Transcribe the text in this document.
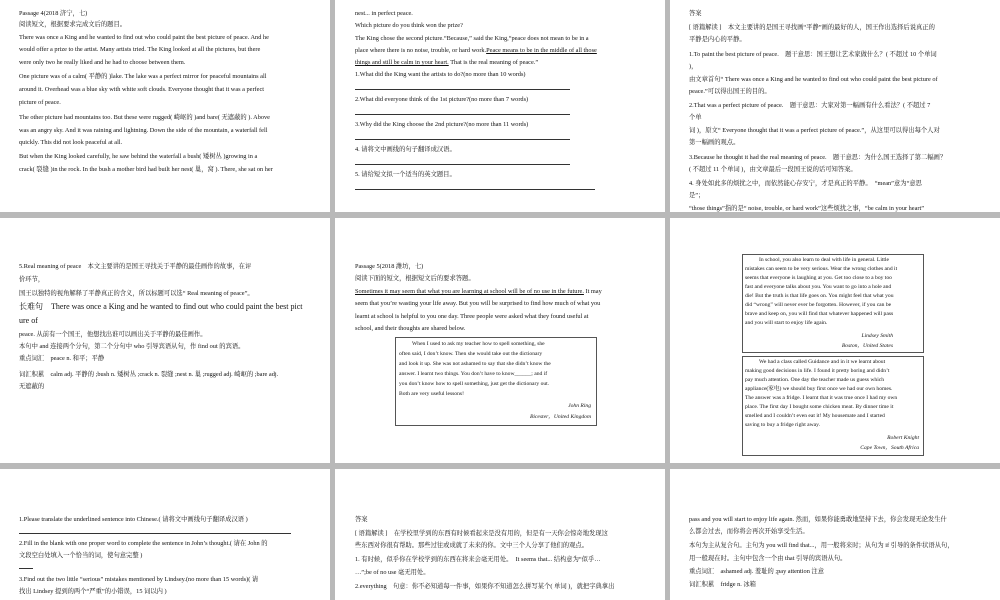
Passage 4(2018 济宁，七)
阅读短文，根据要求完成文后的题目。
There was once a King and he wanted to find out who could paint the best picture of peace. And he
would offer a prize to the artist. Many artists tried. The King looked at all the pictures, but there
were only two he really liked and he had to choose between them.
One picture was of a calm( 平静的 )lake. The lake was a perfect mirror for peaceful mountains all
around it. Overhead was a blue sky with white soft clouds. Everyone thought that it was a perfect
picture of peace.
The other picture had mountains too. But these were rugged( 崎岖的 )and bare( 无遮蔽的 ). Above
was an angry sky. And it was raining and lightning. Down the side of the mountain, a waterfall fell
quickly. This did not look peaceful at all.
But when the King looked carefully, he saw behind the waterfall a bush( 矮树丛 )growing in a
crack( 裂缝 )in the rock. In the bush a mother bird had built her nest( 巢，窝 ). There, she sat on her
nest... in perfect peace.
Which picture do you think won the prize?
The King chose the second picture.“Because,” said the King,“peace does not mean to be in a
place where there is no noise, trouble, or hard work.Peace means to be in the middle of all those
things and still be calm in your heart. That is the real meaning of peace.”
1.What did the King want the artists to do?(no more than 10 words)
2.What did everyone think of the 1st picture?(no more than 7 words)
3.Why did the King choose the 2nd picture?(no more than 11 words)
4. 请将文中画线的句子翻译成汉语。
5. 请给短文拟一个适当的英文题目。
答案
[ 语篇解读 ]　本文主要讲的是国王寻找画“平静”画的最好的人，国王作出选择后说真正的
平静是内心的平静。
1.To paint the best picture of peace.　题干意思：国王想让艺术家做什么？( 不超过 10 个单词
)，
由文章首句“ There was once a King and he wanted to find out who could paint the best picture of
peace.”可以得出国王的目的。
2.That was a perfect picture of peace.　题干意思：大家对第一幅画有什么看法？( 不超过 7
个单
词 )，原文“ Everyone thought that it was a perfect picture of peace.”，从这里可以得出每个人对
第一幅画的观点。
3.Because he thought it had the real meaning of peace.　题干意思：为什么国王选择了第二幅画？
( 不超过 11 个单词 )，由文章最后一段国王说的话可知答案。
4. 身处如此多的烦扰之中，而依然能心存安宁，才是真正的平静。　“mean”意为“意思
是”；
“those things”指的是“ noise, trouble, or hard work”这些烦扰之事，“be calm in your heart”
5.Real meaning of peace　本文主要讲的是国王寻找关于平静的最佳画作的故事，在评
价环节，
国王以独特的视角解释了平静真正的含义，所以标题可以选“ Real meaning of peace”。
长难句　There was once a King and he wanted to find out who could paint the best pict
ure of
peace. 从前有一个国王，他想找出谁可以画出关于平静的最佳画作。
本句中 and 连接两个分句，第二个分句中 who 引导宾语从句，作 find out 的宾语。
重点词汇　peace n. 和平；平静
词汇积累　calm adj. 平静的 ;bush n. 矮树丛 ;crack n. 裂缝 ;nest n. 巢 ;rugged adj. 崎岖的 ;bare adj.
无遮蔽的
Passage 5(2018 潍坊，七)
阅读下面的短文，根据短文后的要求答题。
Sometimes it may seem that what you are learning at school will be of no use in the future. It may
seem that you’re wasting your life away. But you will be surprised to find how much of what you
learnt at school is helpful to you one day. Three people were asked what they found useful at
school, and their thoughts are shared below.
When I used to ask my teacher how to spell something, she
often said, I don’t know. Then she would take out the dictionary
and look it up. She was not ashamed to say that she didn’t know the
answer. I learnt two things. You don’t have to know______; and if
you don’t know how to spell something, just get the dictionary out.
Both are very useful lessons!
John Ring
Bicester，United Kingdom
In school, you also learn to deal with life in general. Little
mistakes can seem to be very serious. Wear the wrong clothes and it
seems that everyone is laughing at you. Get too close to a boy too
fast and everyone talks about you. You want to go into a hole and
die! But the truth is that life goes on. You might feel that what you
did “wrong” will never ever be forgotten. However, if you can be
brave and keep on, you will find that whatever happened will pass
and you will start to enjoy life again.
Lindsey Smith
Boston，United States
We had a class called Guidance and in it we learnt about
making good decisions in life. I found it pretty boring and didn’t
pay much attention. One day the teacher made us guess which
appliance(家电) we should buy first once we had our own homes.
The answer was a fridge. I learnt that it was true once I had my own
place. The first day I bought some chicken meat. By dinner time it
smelled and I couldn’t even eat it! My housemate and I started
saving to buy a fridge right away.
Robert Knight
Cape Town，South Africa
1.Please translate the underlined sentence into Chinese.( 请将文中画线句子翻译成汉语 )
2.Fill in the blank with one proper word to complete the sentence in John’s thought.( 请在 John 的
文段空白处填入一个恰当的词，使句意完整 )
3.Find out the two little “serious” mistakes mentioned by Lindsey.(no more than 15 words)( 请
找出 Lindsey 提到的两个“严重”的小错误，15 词以内 )
答案
[ 语篇解读 ]　在学校里学到的东西有时候看起来是没有用的，但是有一天你会惊奇地发现这
些东西对你很有帮助。那些过往或成就了未来的你。文中三个人分享了他们的观点。
1. 有时候，似乎你在学校学到的东西在将来会毫无用处。　It seems that... 结构意为“似乎…
…”;be of no use 毫无用处。
2.everything　句意：你不必知道每一件事，如果你不知道怎么拼写某个( 单词 )，就把字典拿出
pass and you will start to enjoy life again. 然而，如果你能勇敢地坚持下去，你会发现无论发生什
么都会过去，而你将会再次开始享受生活。
本句为主从复合句。主句为 you will find that...，用一般将来时；从句为 if 引导的条件状语从句，
用一般现在时。主句中包含一个由 that 引导的宾语从句。
重点词汇　ashamed adj. 羞耻的 ;pay attention 注意
词汇积累　fridge n. 冰箱
